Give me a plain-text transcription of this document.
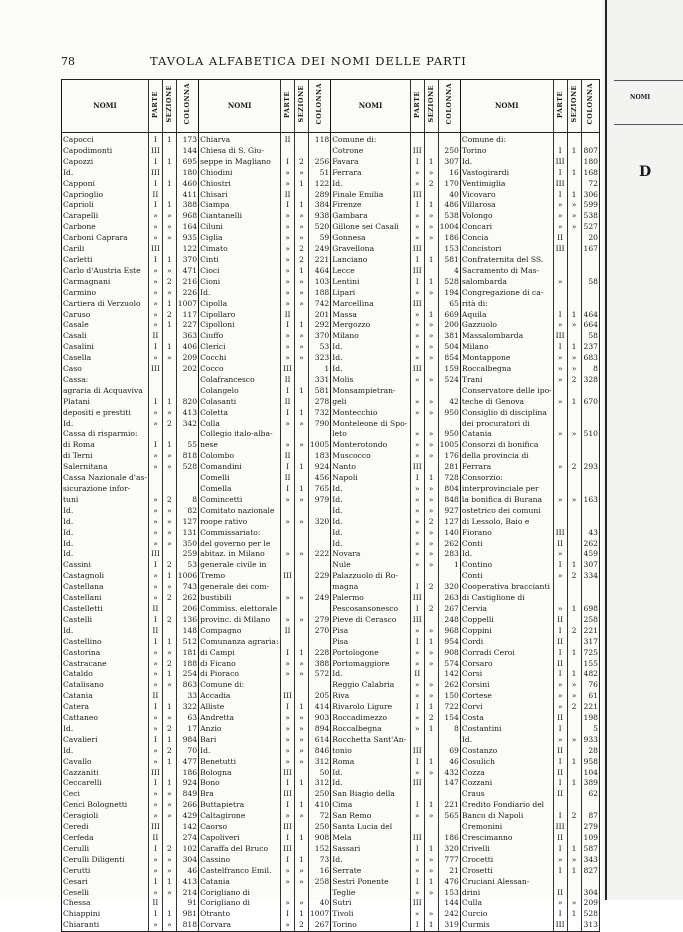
78	TAVOLA ALFABETICA DEI NOMI DELLE PARTI
NOMI	PARTE	SEZIONE	COLONNA	NOMI	PARTE	SEZIONE	COLONNA	NOMI	PARTE	SEZIONE	COLONNA	NOMI	PARTE	SEZIONE	COLONNA
Capocci	I	1	173	Chiarva	II		118	Comune di:				Comune di:			
Capodimonti	III		144	Chiesa di S. Giu-				Cotrone	III		250	Torino	I	1	807
Capozzi	I	1	695	seppe in Magliano	I	2	256	Favara	I	1	307	Id.	III		180
Id.	III		180	Chiodini	»	»	51	Ferrara	»	»	16	Vastogirardi	I	1	168
Capponi	I	1	460	Chiostri	»	1	122	Id.	»	2	170	Ventimiglia	III		72
Caprioglio	II		411	Chisari	II		289	Finale Emilia	III		40	Vicovaro	I	1	306
Caprioli	I	1	388	Ciampa	I	1	384	Firenze	I	1	486	Villarosa	»	»	599
Carapelli	»	»	968	Ciantanelli	»	»	938	Gambara	»	»	538	Volongo	»	»	538
Carbone	»	»	164	Ciluni	»	»	520	Gillone sei Casali	»	»	1004	Concari	»	»	527
Carboni Caprara	»	»	935	Ciglia	»	»	59	Gonnesa	»	»	186	Concia	II		20
Carili	III		122	Cimato	»	2	249	Gravellona	III		153	Concistori	III		167
Carletti	I	1	370	Cinti	»	2	221	Lanciano	I	1	581	Confraternita del SS.			
Carlo d'Austria Este	»	»	471	Cioci	»	1	464	Lecce	III		4	Sacramento di Mas-			
Carmagnani	»	2	216	Cioni	»	»	103	Lentini	I	1	528	salombarda	»		58
Carmino	»	»	226	Id.	»	»	188	Lipari	»	»	194	Congregazione di ca-			
Cartiera di Verzuolo	»	1	1007	Cipolla	»	»	742	Marcellina	III		65	rità di:			
Caruso	»	2	117	Cipollaro	II		201	Massa	»	1	669	Aquila	I	1	464
Casale	»	1	227	Cipolloni	I	1	292	Mergozzo	»	»	200	Gazzuolo	»	»	664
Casali	II		363	Ciuffo	»	»	370	Milano	»	»	381	Massalombarda	III		58
Casalini	I	1	406	Clerici	»	»	53	Id.	»	»	504	Milano	I	1	237
Casella	»	»	209	Cocchi	»	»	323	Id.	»	»	854	Montappone	»	»	683
Caso	III		202	Cocco	III		1	Id.	III		159	Roccalbegna	»	»	8
Cassa:				Colafrancesco	II		331	Molis	»	»	524	Trani	»	2	328
agraria di Acquaviva				Colangelo	I	1	581	Monsampietran-				Conservatore delle ipo-			
Platani	I	1	820	Colasanti	II		278	geli	»	»	42	teche di Genova	»	1	670
depositi e prestiti	»	»	413	Coletta	I	1	732	Montecchio	»	»	950	Consiglio di disciplina			
Id.	»	2	342	Colla	»	»	790	Monteleone di Spo-				dei procuratori di			
Cassa di risparmio:				Collegio italo-alba-				leto	»	»	950	Catania	»	»	510
di Roma	I	1	55	nese	»	»	1005	Monterotondo	»	»	1005	Consorzi di bonifica			
di Terni	»	»	818	Colombo	II		183	Muscocco	»	»	176	della provincia di			
Salernitana	»	»	528	Comandini	I	1	924	Nanto	III		281	Ferrara	»	2	293
Cassa Nazionale d'as-				Comelli	II		456	Napoli	I	1	728	Consorzio:			
sicurazione infor-				Comella	I	1	765	Id.	»	»	804	interprovinciale per			
tuni	»	2	8	Comincetti	»	»	979	Id.	»	»	848	la bonifica di Burana	»	»	163
Id.	»	»	82	Comitato nazionale				Id.	»	»	927	ostetrico dei comuni			
Id.	»	»	127	roope rativo	»	»	320	Id.	»	2	127	di Lessolo, Baio e			
Id.	»	»	131	Commissariato:				Id.	»	»	140	Fiorano	III		43
Id.	»	»	350	del governo per le				Id.	»	»	262	Conti	II		262
Id.	III		259	abitaz. in Milano	»	»	222	Novara	»	»	283	Id.	»		459
Cassini	I	2	53	generale civile in				Nule	»	»	1	Contino	I	1	307
Castagnoli	»	1	1006	Tremo	III		229	Palazzuolo di Ro-				Conti	»	2	334
Castellana	»	»	743	generale dei com-				magna	I	2	320	Cooperativa braccianti			
Castellani	»	2	262	bustibili	»	»	249	Palermo	III		263	di Castiglione di			
Castelletti	II		206	Commiss. elettorale				Pescosansonesco	I	2	267	Cervia	»	1	698
Castelli	I	2	136	provinc. di Milano	»	»	279	Pieve di Cerasco	III		248	Coppelli	II		258
Id.	II		148	Compagno	II		270	Pisa	»	»	968	Coppini	I	2	221
Castellino	I	1	512	Comunanza agraria:				Pisa	I	1	954	Cordi	II		317
Castorina	»	»	181	di Campi	I	1	228	Portologone	»	»	908	Corradi Ceroi	I	1	725
Castracane	»	2	188	di Ficano	»	»	388	Portomaggiore	»	»	574	Corsaro	II		155
Cataldo	»	1	254	di Pioraco	»	»	572	Id.	II		142	Corsi	I	1	482
Catalisano	»	»	863	Comune di:				Reggio Calabria	»	»	262	Corsini	»	»	76
Catania	II		33	Accadia	III		205	Riva	»	»	150	Cortese	»	»	61
Catera	I	1	322	Alliste	I	1	414	Rivarolo Ligure	I	1	722	Corvi	»	2	221
Cattaneo	»	»	63	Andretta	»	»	903	Roccadimezzo	»	2	154	Costa	II		198
Id.	»	2	17	Anzio	»	»	894	Roccalbegna	»	1	8	Costantini	I		5
Cavalieri	I	1	984	Bari	»	»	614	Rocchetta Sant'An-				Id.	»	»	933
Id.	»	2	70	Id.	»	»	846	tonio	III		69	Costanzo	II		28
Cavallo	»	1	477	Benetutti	»	»	312	Roma	I	1	46	Cosulich	I	1	958
Cazzaniti	III		186	Bologna	III		50	Id.	»	»	432	Cozza	II		104
Ceccarelli	I	1	924	Bono	I	1	312	Id.	III		147	Cozzani	I	1	389
Ceci	»	»	849	Bra	III		250	San Biagio della				Craus	II		62
Cenci Bolognetti	»	»	266	Buttapietra	I	1	410	Cima	I	1	221	Credito Fondiario del			
Ceragioli	»	»	429	Caltagirone	»	»	72	San Remo	»	»	565	Banco di Napoli	I	2	87
Ceredi	III		142	Caorso	III		250	Santa Lucia del				Cremonini	III		279
Cerfeda	II		274	Capoliveri	I	1	908	Mela	III		186	Crescimanno	II		109
Cerulli	I	2	102	Caraffa del Bruco	III		152	Sassari	I	1	320	Crivelli	I	1	587
Cerulli Diligenti	»	»	304	Cassino	I	1	73	Id.	»	»	777	Crocetti	»	»	343
Cerutti	»	»	46	Castelfranco Emil.	»	»	16	Serrate	»	»	21	Crosetti	I	1	827
Cesari	I	1	413	Catania	»	»	258	Sestri Ponente	I	1	476	Cruciani Alessan-			
Ceselli	»	»	214	Corigliano di				Teglie	»	»	153	drini	II		304
Chessa	II		91	Corigliano di	»	»	40	Sutri	III		144	Culla	»	»	209
Chiappini	I	1	981	Otranto	I	1	1007	Tivoli	»	»	242	Curcio	I	1	528
Chiaranti	»	»	818	Corvara	»	2	267	Torino	I	1	319	Curmis	III		313
NOMI
D
